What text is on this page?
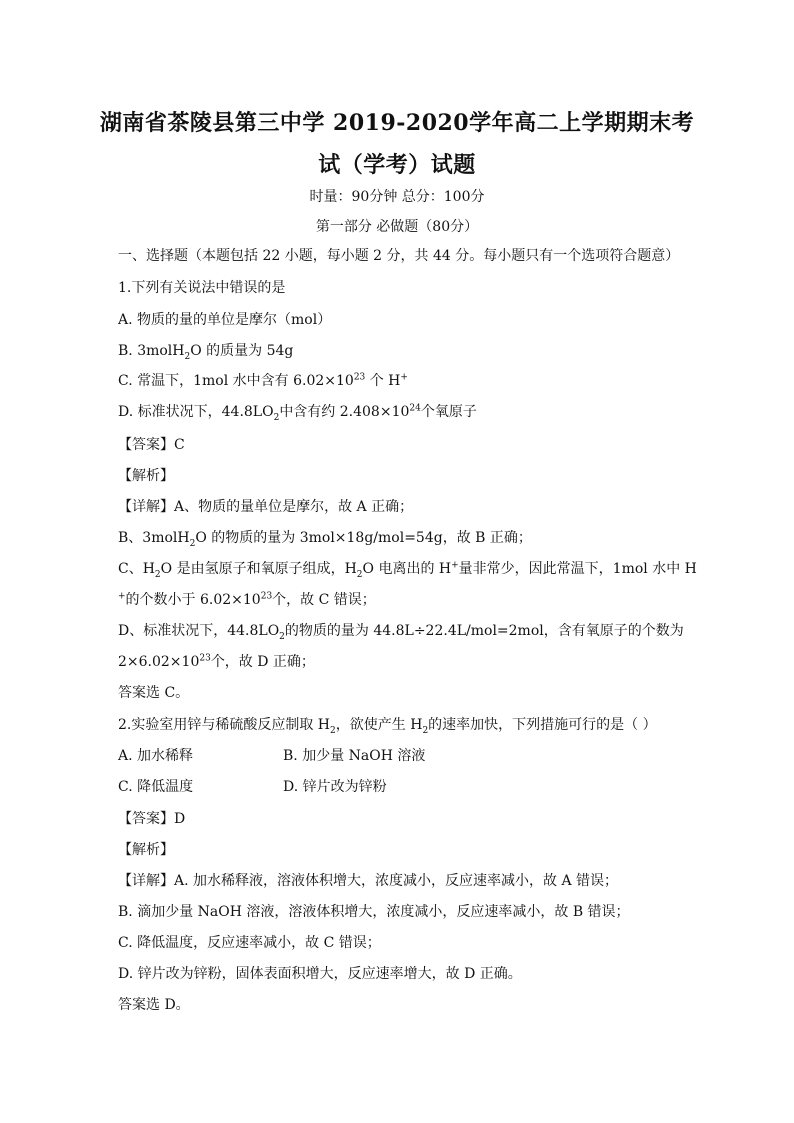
湖南省茶陵县第三中学 2019-2020学年高二上学期期末考
试（学考）试题
时量：90分钟 总分：100分
第一部分 必做题（80分）
一、选择题（本题包括 22 小题，每小题 2 分，共 44 分。每小题只有一个选项符合题意）
1.下列有关说法中错误的是
A. 物质的量的单位是摩尔（mol）
B. 3molH$_2$O 的质量为 54g
C. 常温下，1mol 水中含有 $6.02\times 10^{23}$ 个 H+
D. 标准状况下，$44.8LO_2$中含有约 $2.408\times 10^{24}$个氧原子
【答案】C
【解析】
【详解】A、物质的量单位是摩尔，故 A 正确；
B、3molH$_2$O 的物质的量为 3mol×18g/mol=54g，故 B 正确；
C、$H_2O$ 是由氢原子和氧原子组成，$H_2O$ 电离出的 H+量非常少，因此常温下，1mol 水中 H
+的个数小于 $6.02\times 10^{23}$个，故 C 错误；
D、标准状况下，$44.8LO_2$的物质的量为 44.8L÷22.4L/mol=2mol，含有氧原子的个数为
$2\times 6.02\times 10^{23}$个，故 D 正确；
答案选 C。
2.实验室用锌与稀硫酸反应制取 $H_2$，欲使产生 $H_2$的速率加快，下列措施可行的是（ ）
A. 加水稀释	B. 加少量 NaOH 溶液
C. 降低温度	D. 锌片改为锌粉
【答案】D
【解析】
【详解】A. 加水稀释液，溶液体积增大，浓度减小，反应速率减小，故 A 错误；
B. 滴加少量 NaOH 溶液，溶液体积增大，浓度减小，反应速率减小，故 B 错误；
C. 降低温度，反应速率减小，故 C 错误；
D. 锌片改为锌粉，固体表面积增大，反应速率增大，故 D 正确。
答案选 D。
